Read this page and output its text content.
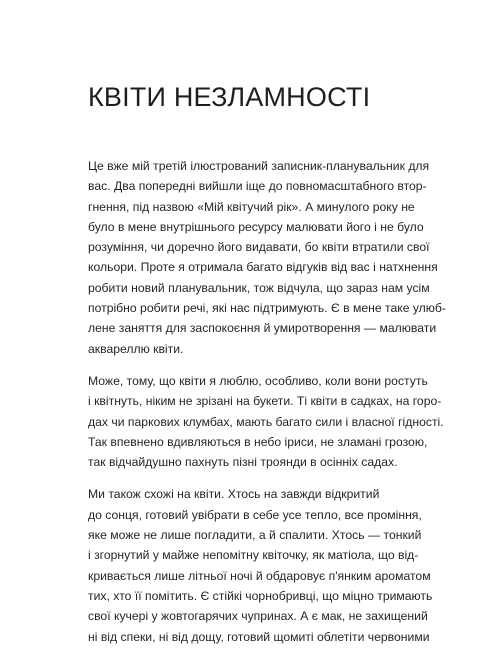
КВІТИ НЕЗЛАМНОСТІ

Це вже мій третій ілюстрований записник-планувальник для
вас. Два попередні вийшли іще до повномасштабного втор-
гнення, під назвою «Мій квітучий рік». А минулого року не
було в мене внутрішнього ресурсу малювати його і не було
розуміння, чи доречно його видавати, бо квіти втратили свої
кольори. Проте я отримала багато відгуків від вас і натхнення
робити новий планувальник, тож відчула, що зараз нам усім
потрібно робити речі, які нас підтримують. Є в мене таке улюб-
лене заняття для заспокоєння й умиротворення — малювати
аквареллю квіти.

Може, тому, що квіти я люблю, особливо, коли вони ростуть
і квітнуть, ніким не зрізані на букети. Ті квіти в садках, на горо-
дах чи паркових клумбах, мають багато сили і власної гідності.
Так впевнено вдивляються в небо іриси, не зламані грозою,
так відчайдушно пахнуть пізні троянди в осінніх садах.

Ми також схожі на квіти. Хтось на завжди відкритий
до сонця, готовий увібрати в себе усе тепло, все проміння,
яке може не лише погладити, а й спалити. Хтось — тонкий
і згорнутий у майже непомітну квіточку, як матіола, що від-
кривається лише літньої ночі й обдаровує п'янким ароматом
тих, хто її помітить. Є стійкі чорнобривці, що міцно тримають
свої кучері у жовтогарячих чупринах. А є мак, не захищений
ні від спеки, ні від дощу, готовий щомиті облетіти червоними
